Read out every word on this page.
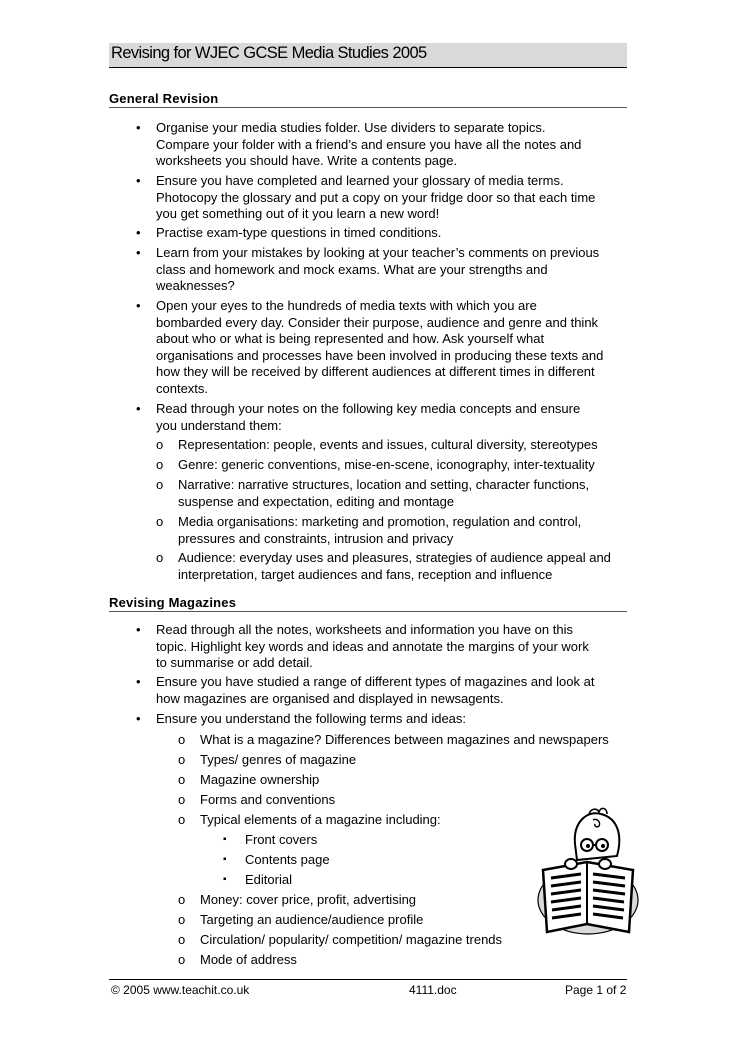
Revising for WJEC GCSE Media Studies 2005
General Revision
• Organise your media studies folder. Use dividers to separate topics.
Compare your folder with a friend’s and ensure you have all the notes and
worksheets you should have. Write a contents page.
• Ensure you have completed and learned your glossary of media terms.
Photocopy the glossary and put a copy on your fridge door so that each time
you get something out of it you learn a new word!
• Practise exam-type questions in timed conditions.
• Learn from your mistakes by looking at your teacher’s comments on previous
class and homework and mock exams. What are your strengths and
weaknesses?
• Open your eyes to the hundreds of media texts with which you are
bombarded every day. Consider their purpose, audience and genre and think
about who or what is being represented and how. Ask yourself what
organisations and processes have been involved in producing these texts and
how they will be received by different audiences at different times in different
contexts.
• Read through your notes on the following key media concepts and ensure
you understand them:
o Representation: people, events and issues, cultural diversity, stereotypes
o Genre: generic conventions, mise-en-scene, iconography, inter-textuality
o Narrative: narrative structures, location and setting, character functions,
suspense and expectation, editing and montage
o Media organisations: marketing and promotion, regulation and control,
pressures and constraints, intrusion and privacy
o Audience: everyday uses and pleasures, strategies of audience appeal and
interpretation, target audiences and fans, reception and influence
Revising Magazines
• Read through all the notes, worksheets and information you have on this
topic. Highlight key words and ideas and annotate the margins of your work
to summarise or add detail.
• Ensure you have studied a range of different types of magazines and look at
how magazines are organised and displayed in newsagents.
• Ensure you understand the following terms and ideas:
o What is a magazine? Differences between magazines and newspapers
o Types/ genres of magazine
o Magazine ownership
o Forms and conventions
o Typical elements of a magazine including:
▪ Front covers
▪ Contents page
▪ Editorial
o Money: cover price, profit, advertising
o Targeting an audience/audience profile
o Circulation/ popularity/ competition/ magazine trends
o Mode of address
© 2005 www.teachit.co.uk	4111.doc	Page 1 of 2
